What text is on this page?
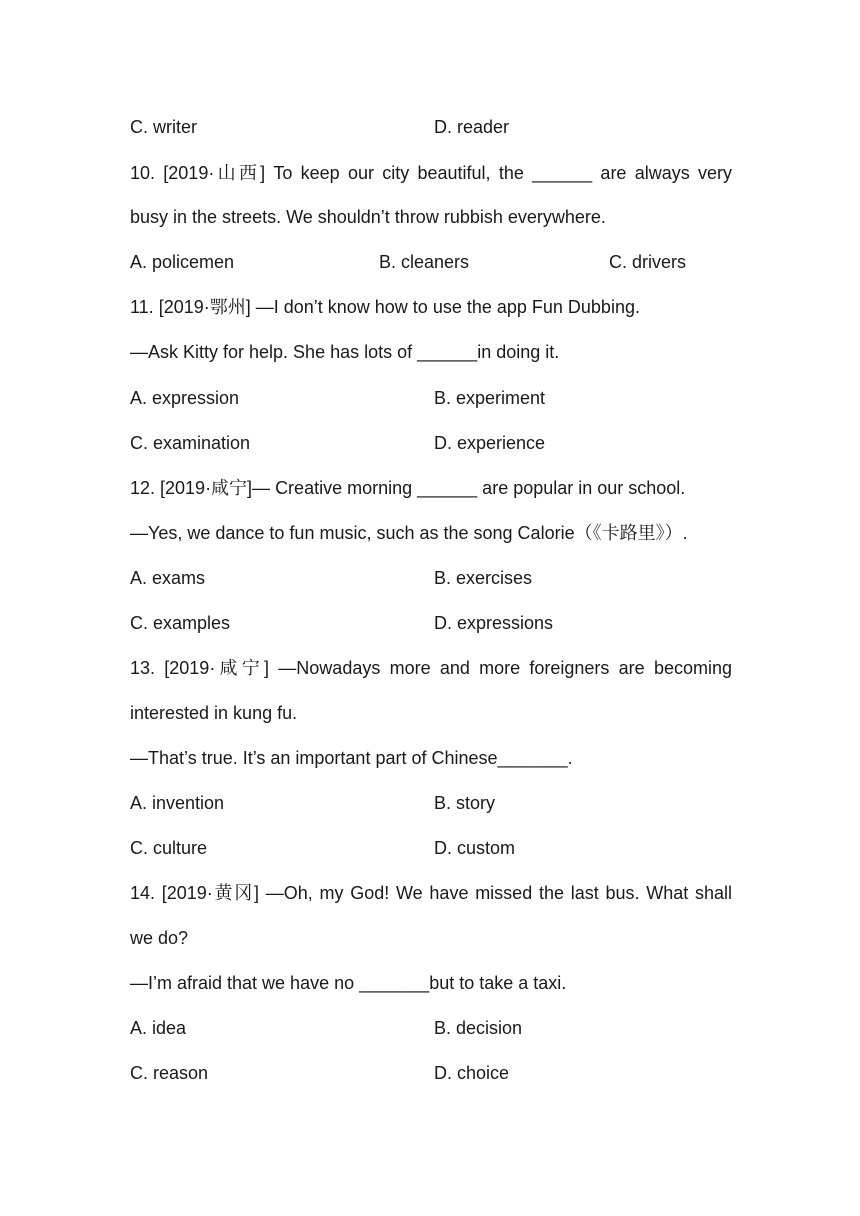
C. writer	D. reader
10. [2019·山西] To keep our city beautiful, the ______ are always very
busy in the streets. We shouldn’t throw rubbish everywhere.
A. policemen	B. cleaners	C. drivers
11. [2019·鄂州] —I don’t know how to use the app Fun Dubbing.
—Ask Kitty for help. She has lots of ______in doing it.
A. expression	B. experiment
C. examination	D. experience
12. [2019·咸宁]— Creative morning ______ are popular in our school.
—Yes, we dance to fun music, such as the song Calorie（《卡路里》）.
A. exams	B. exercises
C. examples	D. expressions
13. [2019·咸宁] —Nowadays more and more foreigners are becoming
interested in kung fu.
—That’s true. It’s an important part of Chinese_______.
A. invention	B. story
C. culture	D. custom
14. [2019·黄冈] —Oh, my God! We have missed the last bus. What shall
we do?
—I’m afraid that we have no _______but to take a taxi.
A. idea	B. decision
C. reason	D. choice
